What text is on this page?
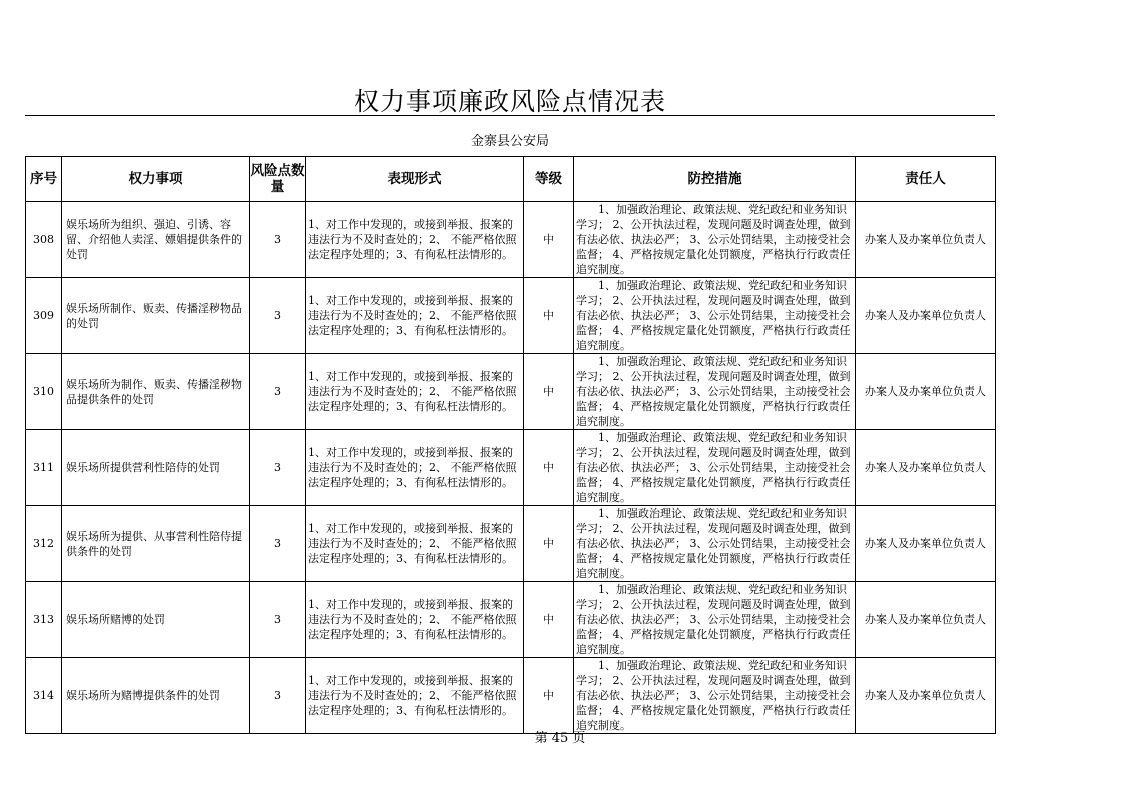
权力事项廉政风险点情况表
金寨县公安局
序号	权力事项	风险点数量	表现形式	等级	防控措施	责任人
308	娱乐场所为组织、强迫、引诱、容留、介绍他人卖淫、嫖娼提供条件的处罚	3	1、对工作中发现的，或接到举报、报案的违法行为不及时查处的；2、 不能严格依照法定程序处理的；3、有徇私枉法情形的。	中	　　1、加强政治理论、政策法规、党纪政纪和业务知识学习； 2、公开执法过程，发现问题及时调查处理，做到有法必依、执法必严； 3、公示处罚结果，主动接受社会监督； 4、严格按规定量化处罚额度，严格执行行政责任追究制度。	办案人及办案单位负责人
309	娱乐场所制作、贩卖、传播淫秽物品的处罚	3	1、对工作中发现的，或接到举报、报案的违法行为不及时查处的；2、 不能严格依照法定程序处理的；3、有徇私枉法情形的。	中	　　1、加强政治理论、政策法规、党纪政纪和业务知识学习； 2、公开执法过程，发现问题及时调查处理，做到有法必依、执法必严； 3、公示处罚结果，主动接受社会监督； 4、严格按规定量化处罚额度，严格执行行政责任追究制度。	办案人及办案单位负责人
310	娱乐场所为制作、贩卖、传播淫秽物品提供条件的处罚	3	1、对工作中发现的，或接到举报、报案的违法行为不及时查处的；2、 不能严格依照法定程序处理的；3、有徇私枉法情形的。	中	　　1、加强政治理论、政策法规、党纪政纪和业务知识学习； 2、公开执法过程，发现问题及时调查处理，做到有法必依、执法必严； 3、公示处罚结果，主动接受社会监督； 4、严格按规定量化处罚额度，严格执行行政责任追究制度。	办案人及办案单位负责人
311	娱乐场所提供营利性陪侍的处罚	3	1、对工作中发现的，或接到举报、报案的违法行为不及时查处的；2、 不能严格依照法定程序处理的；3、有徇私枉法情形的。	中	　　1、加强政治理论、政策法规、党纪政纪和业务知识学习； 2、公开执法过程，发现问题及时调查处理，做到有法必依、执法必严； 3、公示处罚结果，主动接受社会监督； 4、严格按规定量化处罚额度，严格执行行政责任追究制度。	办案人及办案单位负责人
312	娱乐场所为提供、从事营利性陪侍提供条件的处罚	3	1、对工作中发现的，或接到举报、报案的违法行为不及时查处的；2、 不能严格依照法定程序处理的；3、有徇私枉法情形的。	中	　　1、加强政治理论、政策法规、党纪政纪和业务知识学习； 2、公开执法过程，发现问题及时调查处理，做到有法必依、执法必严； 3、公示处罚结果，主动接受社会监督； 4、严格按规定量化处罚额度，严格执行行政责任追究制度。	办案人及办案单位负责人
313	娱乐场所赌博的处罚	3	1、对工作中发现的，或接到举报、报案的违法行为不及时查处的；2、 不能严格依照法定程序处理的；3、有徇私枉法情形的。	中	　　1、加强政治理论、政策法规、党纪政纪和业务知识学习； 2、公开执法过程，发现问题及时调查处理，做到有法必依、执法必严； 3、公示处罚结果，主动接受社会监督； 4、严格按规定量化处罚额度，严格执行行政责任追究制度。	办案人及办案单位负责人
314	娱乐场所为赌博提供条件的处罚	3	1、对工作中发现的，或接到举报、报案的违法行为不及时查处的；2、 不能严格依照法定程序处理的；3、有徇私枉法情形的。	中	　　1、加强政治理论、政策法规、党纪政纪和业务知识学习； 2、公开执法过程，发现问题及时调查处理，做到有法必依、执法必严； 3、公示处罚结果，主动接受社会监督； 4、严格按规定量化处罚额度，严格执行行政责任追究制度。	办案人及办案单位负责人
第 45 页
